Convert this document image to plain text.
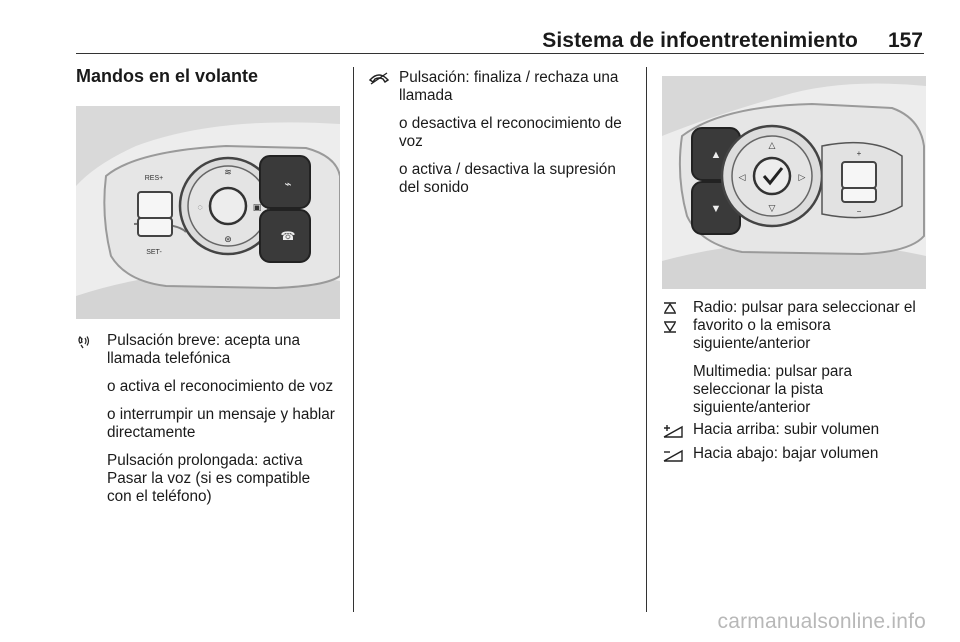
Sistema de infoentretenimiento 157
Mandos en el volante
RES+
SET-
≋
◌	▣
⊛
⌁
☎

Pulsación breve: acepta una llamada telefónica

o activa el reconocimiento de voz

o interrumpir un mensaje y hablar directamente

Pulsación prolongada: activa Pasar la voz (si es compatible con el teléfono)

Pulsación: finaliza / rechaza una llamada

o desactiva el reconocimiento de voz

o activa / desactiva la supresión del sonido

▲
▼
△
▽
◁	▷
+
−

Radio: pulsar para seleccionar el favorito o la emisora siguiente/anterior

Multimedia: pulsar para seleccionar la pista siguiente/anterior

Hacia arriba: subir volumen

Hacia abajo: bajar volumen

carmanualsonline.info
